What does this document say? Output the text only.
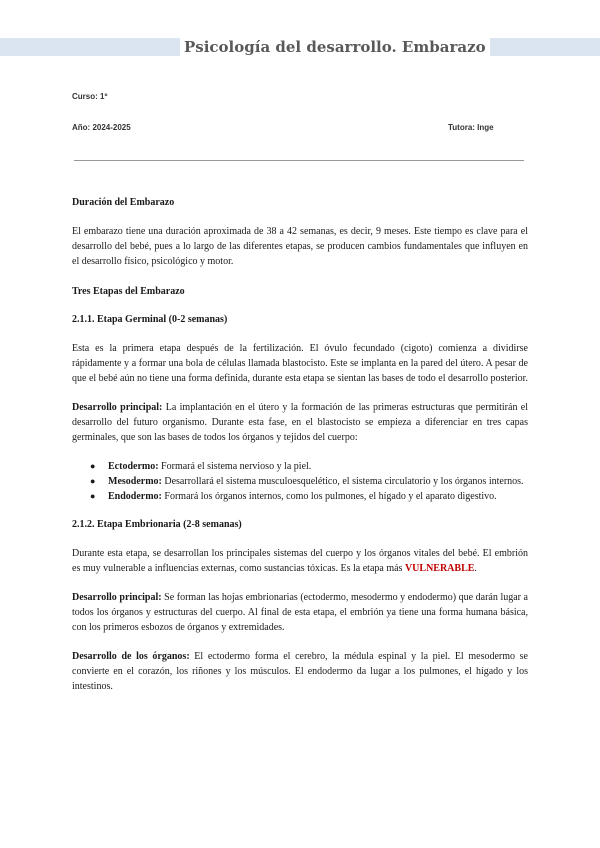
Psicología del desarrollo. Embarazo
Curso: 1º
Año: 2024-2025	Tutora: Inge

Duración del Embarazo

El embarazo tiene una duración aproximada de 38 a 42 semanas, es decir, 9 meses. Este tiempo es clave para el desarrollo del bebé, pues a lo largo de las diferentes etapas, se producen cambios fundamentales que influyen en el desarrollo físico, psicológico y motor.

Tres Etapas del Embarazo

2.1.1. Etapa Germinal (0-2 semanas)

Esta es la primera etapa después de la fertilización. El óvulo fecundado (cigoto) comienza a dividirse rápidamente y a formar una bola de células llamada blastocisto. Este se implanta en la pared del útero. A pesar de que el bebé aún no tiene una forma definida, durante esta etapa se sientan las bases de todo el desarrollo posterior.

Desarrollo principal: La implantación en el útero y la formación de las primeras estructuras que permitirán el desarrollo del futuro organismo. Durante esta fase, en el blastocisto se empieza a diferenciar en tres capas germinales, que son las bases de todos los órganos y tejidos del cuerpo:

● Ectodermo: Formará el sistema nervioso y la piel.
● Mesodermo: Desarrollará el sistema musculoesquelético, el sistema circulatorio y los órganos internos.
● Endodermo: Formará los órganos internos, como los pulmones, el hígado y el aparato digestivo.

2.1.2. Etapa Embrionaria (2-8 semanas)

Durante esta etapa, se desarrollan los principales sistemas del cuerpo y los órganos vitales del bebé. El embrión es muy vulnerable a influencias externas, como sustancias tóxicas. Es la etapa más VULNERABLE.

Desarrollo principal: Se forman las hojas embrionarias (ectodermo, mesodermo y endodermo) que darán lugar a todos los órganos y estructuras del cuerpo. Al final de esta etapa, el embrión ya tiene una forma humana básica, con los primeros esbozos de órganos y extremidades.

Desarrollo de los órganos: El ectodermo forma el cerebro, la médula espinal y la piel. El mesodermo se convierte en el corazón, los riñones y los músculos. El endodermo da lugar a los pulmones, el hígado y los intestinos.
